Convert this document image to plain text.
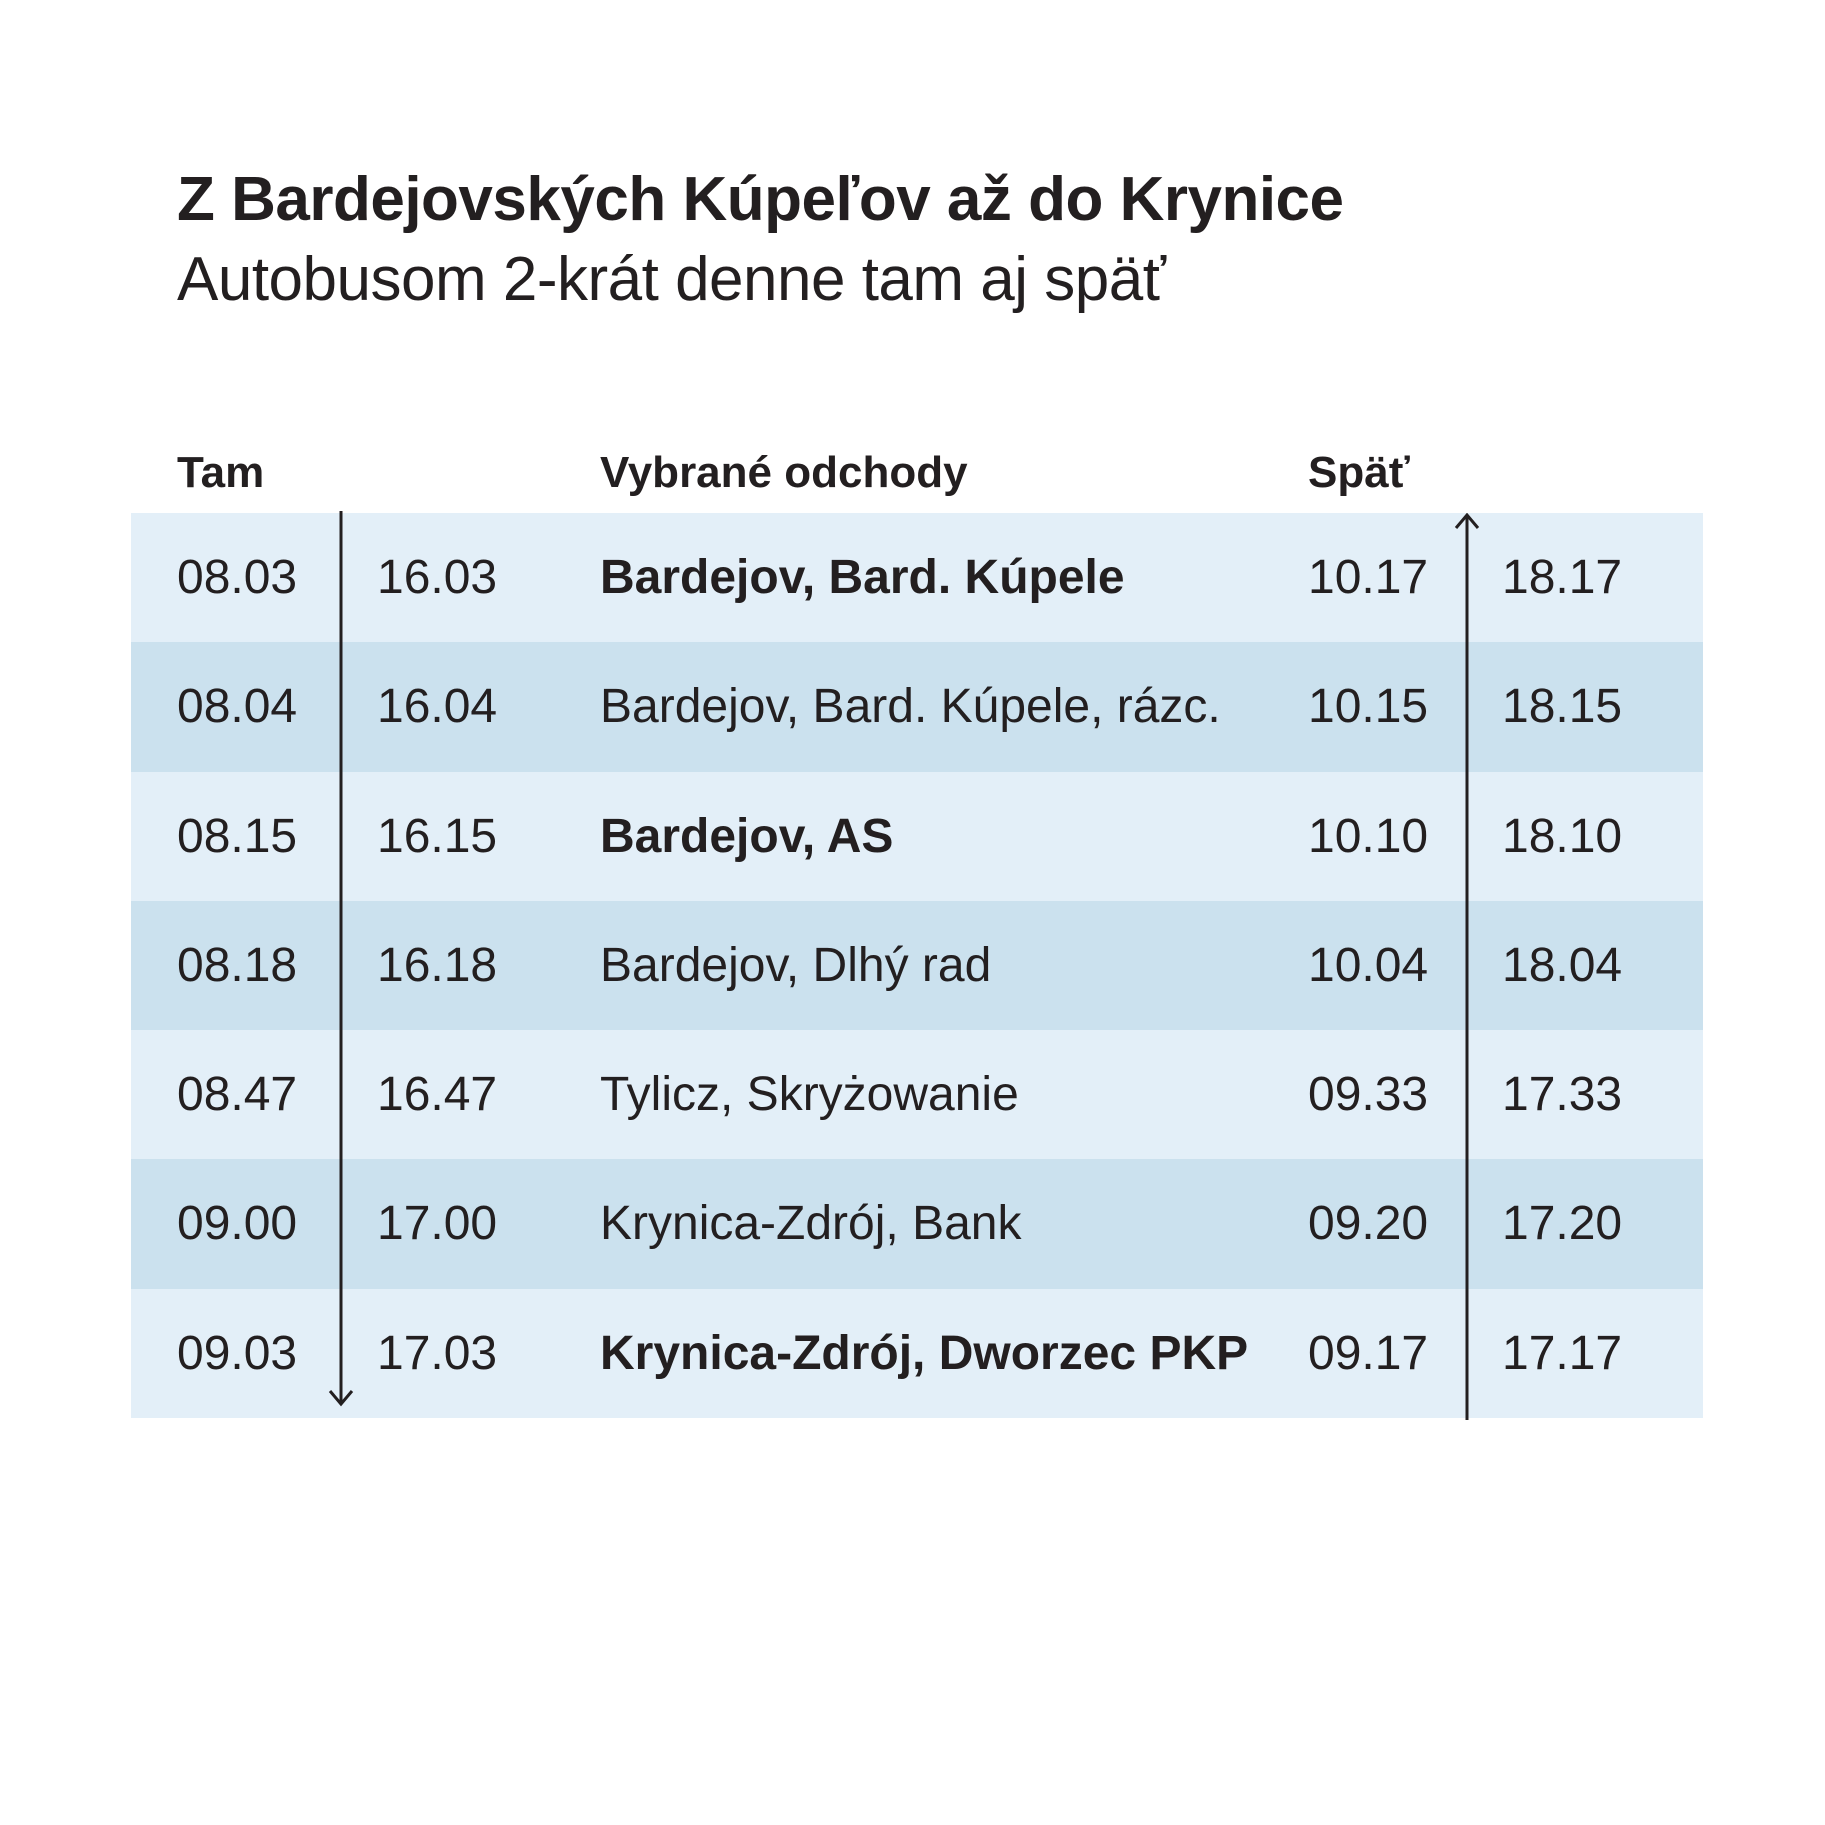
Z Bardejovských Kúpeľov až do Krynice
Autobusom 2-krát denne tam aj späť
Tam	Vybrané odchody	Späť
08.03 16.03 Bardejov, Bard. Kúpele	10.17 18.17
08.04 16.04 Bardejov, Bard. Kúpele, rázc. 10.15 18.15
08.15 16.15 Bardejov, AS	10.10 18.10
08.18 16.18 Bardejov, Dlhý rad	10.04 18.04
08.47 16.47 Tylicz, Skryżowanie	09.33 17.33
09.00 17.00 Krynica-Zdrój, Bank	09.20 17.20
09.03 17.03 Krynica-Zdrój, Dworzec PKP 09.17 17.17
